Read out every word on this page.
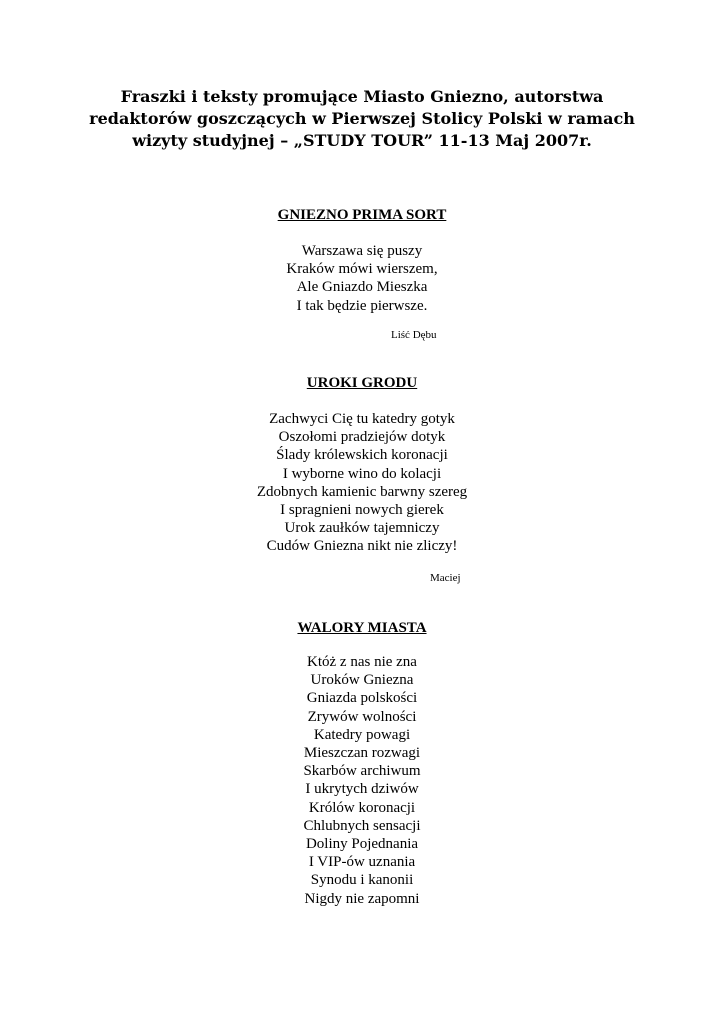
Fraszki i teksty promujące Miasto Gniezno, autorstwa
redaktorów goszczących w Pierwszej Stolicy Polski w ramach
wizyty studyjnej – „STUDY TOUR” 11-13 Maj 2007r.
GNIEZNO PRIMA SORT
Warszawa się puszy
Kraków mówi wierszem,
Ale Gniazdo Mieszka
I tak będzie pierwsze.
Liść Dębu
UROKI GRODU
Zachwyci Cię tu katedry gotyk
Oszołomi pradziejów dotyk
Ślady królewskich koronacji
I wyborne wino do kolacji
Zdobnych kamienic barwny szereg
I spragnieni nowych gierek
Urok zaułków tajemniczy
Cudów Gniezna nikt nie zliczy!
Maciej
WALORY MIASTA
Któż z nas nie zna
Uroków Gniezna
Gniazda polskości
Zrywów wolności
Katedry powagi
Mieszczan rozwagi
Skarbów archiwum
I ukrytych dziwów
Królów koronacji
Chlubnych sensacji
Doliny Pojednania
I VIP-ów uznania
Synodu i kanonii
Nigdy nie zapomni
